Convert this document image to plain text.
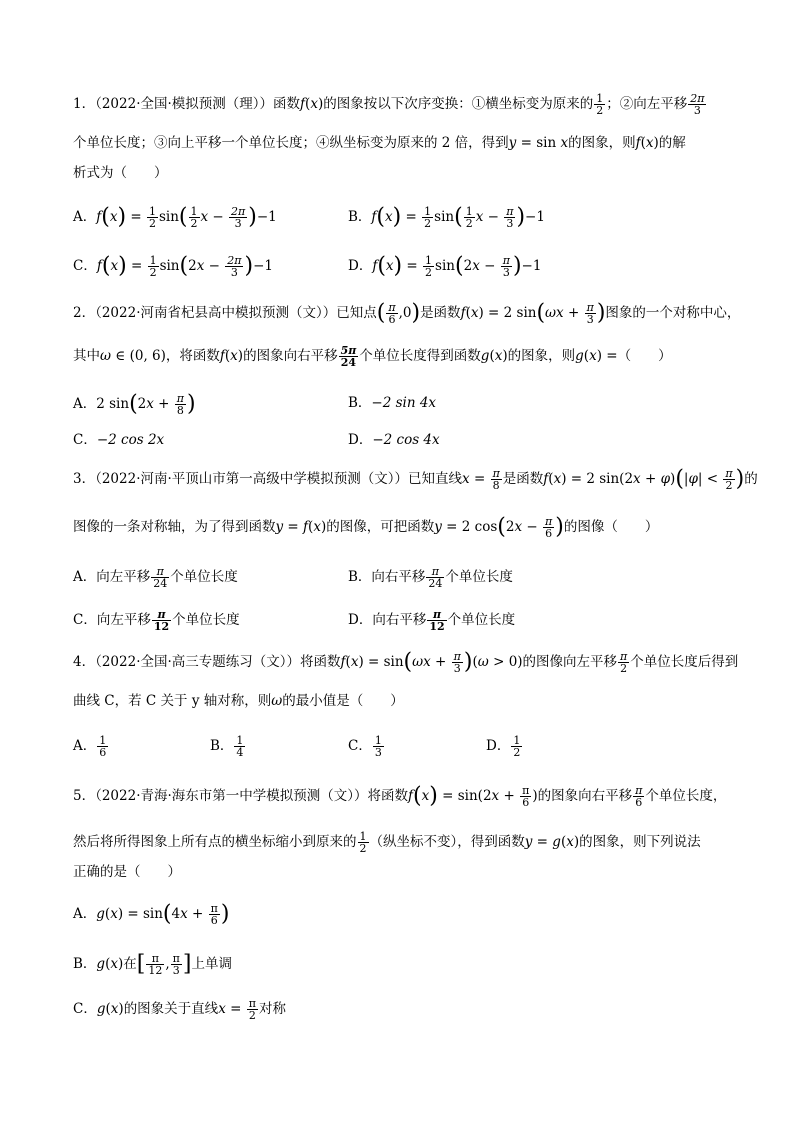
1．（2022·全国·模拟预测（理））函数f(x)的图象按以下次序变换：①横坐标变为原来的 $\frac{1}{2}$ ；②向左平移 $\frac{2\pi}{3}$
个单位长度；③向上平移一个单位长度；④纵坐标变为原来的 2 倍，得到y = sin x的图象，则f(x)的解
析式为（　　）
A．$f(x) = \frac{1}{2} \sin( \frac{1}{2}$ $x - \frac{2\pi}{3} )-1$	B．$f(x) = \frac{1}{2} \sin( \frac{1}{2}$ $x - \frac{\pi}{3} )-1$
C．$f(x) = \frac{1}{2} \sin(2x - \frac{2\pi}{3} )-1$	D．$f(x) = \frac{1}{2} \sin(2x - \frac{\pi}{3} )-1$
2．（2022·河南省杞县高中模拟预测（文））已知点( $\frac{\pi}{6} ,0$)是函数f(x) = 2 $\sin(\omega x + \frac{\pi}{3}$ )图象的一个对称中心，
其中ω ∈ (0, 6)，将函数f(x)的图象向右平移 $\frac{5\pi}{24}$ 个单位长度得到函数g(x)的图象，则g(x) =（　　）
A．2 $\sin(2x + \frac{\pi}{8}$ )	B．−2 sin 4x
C．−2 cos 2x	D．−2 cos 4x
3．（2022·河南·平顶山市第一高级中学模拟预测（文））已知直线$x = \frac{\pi}{8}$ 是函数f(x) = 2 $\sin(2x + \varphi)(|\varphi| < \frac{\pi}{2}$ )的
图像的一条对称轴，为了得到函数y = f(x)的图像，可把函数y = 2 $\cos(2x - \frac{\pi}{6}$ )的图像（　　）
A．向左平移 $\frac{\pi}{24}$ 个单位长度	B．向右平移 $\frac{\pi}{24}$ 个单位长度
C．向左平移 $\frac{\pi}{12}$ 个单位长度	D．向右平移 $\frac{\pi}{12}$ 个单位长度
4．（2022·全国·高三专题练习（文））将函数$f(x) = \sin(\omega x + \frac{\pi}{3} )(\omega > 0)$的图像向左平移 $\frac{\pi}{2}$ 个单位长度后得到
曲线 C，若 C 关于 y 轴对称，则ω的最小值是（　　）
A． $\frac{1}{6}$	B． $\frac{1}{4}$	C． $\frac{1}{3}$	D． $\frac{1}{2}$
5．（2022·青海·海东市第一中学模拟预测（文））将函数$f(x) = \sin(2x + \frac{\pi}{6}$ )的图象向右平移 $\frac{\pi}{6}$ 个单位长度，
然后将所得图象上所有点的横坐标缩小到原来的 $\frac{1}{2}$ （纵坐标不变），得到函数y = g(x)的图象，则下列说法
正确的是（　　）
A．$g(x) = \sin(4x + \frac{\pi}{6}$ )
B．g(x)在[ $\frac{\pi}{12}$ , $\frac{\pi}{3}$ ]上单调
C．g(x)的图象关于直线$x = \frac{\pi}{2}$ 对称
